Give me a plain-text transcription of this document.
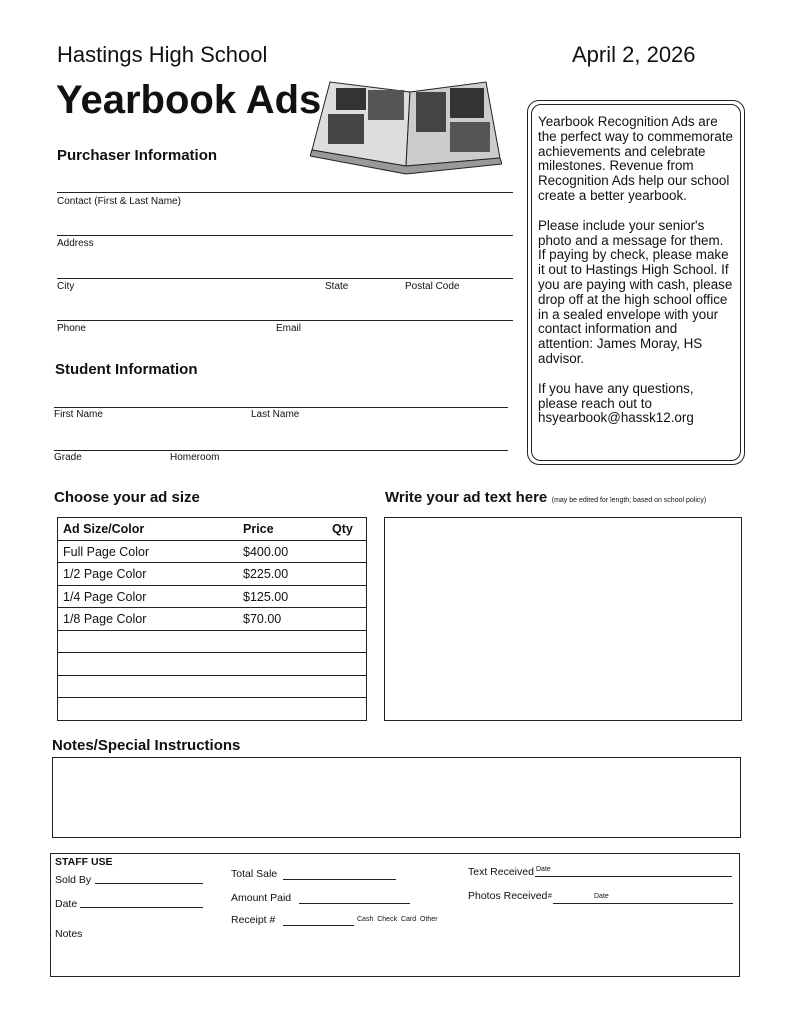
Hastings High School	April 2, 2026
Yearbook Ads
Purchaser Information
Contact (First & Last Name)
Address
City	State	Postal Code
Phone	Email
Student Information
First Name	Last Name
Grade	Homeroom

Yearbook Recognition Ads are the perfect way to commemorate achievements and celebrate milestones. Revenue from Recognition Ads help our school create a better yearbook.

Please include your senior's photo and a message for them. If paying by check, please make it out to Hastings High School. If you are paying with cash, please drop off at the high school office in a sealed envelope with your contact information and attention: James Moray, HS advisor.

If you have any questions, please reach out to hsyearbook@hassk12.org

Choose your ad size	Write your ad text here (may be edited for length; based on school policy)
Ad Size/Color	Price	Qty
Full Page Color	$400.00
1/2 Page Color	$225.00
1/4 Page Color	$125.00
1/8 Page Color	$70.00
Notes/Special Instructions
STAFF USE
Sold By
Date
Notes
Total Sale
Amount Paid
Receipt #	Cash  Check  Card  Other
Text Received Date
Photos Received #	Date
